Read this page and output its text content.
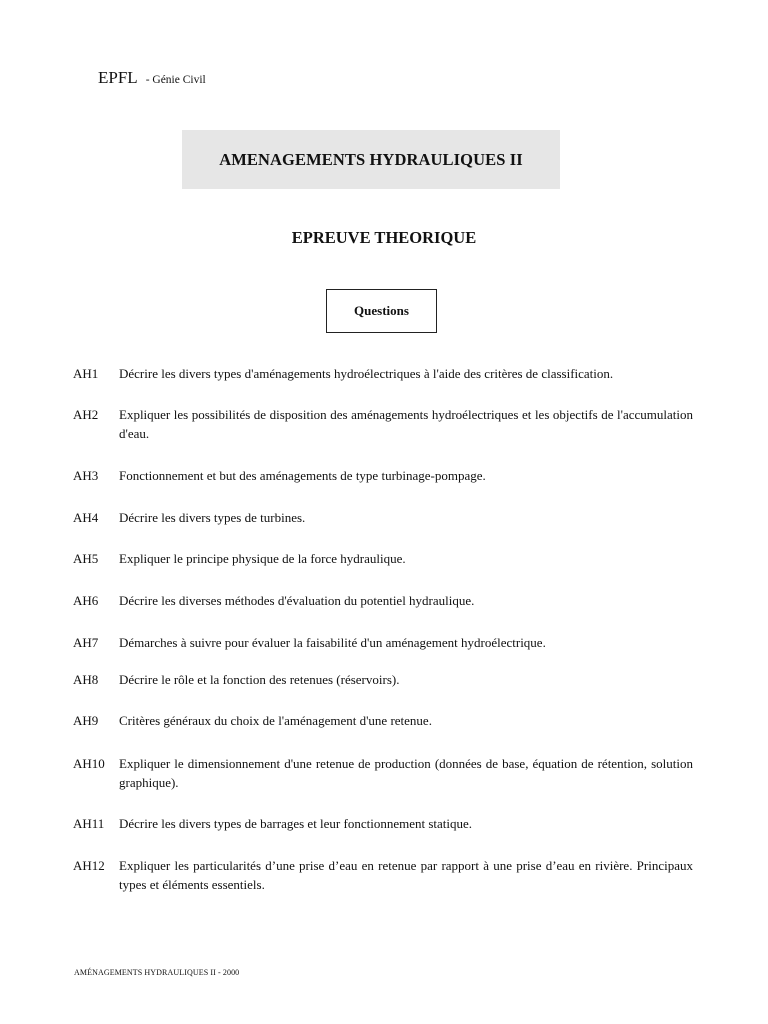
EPFL - Génie Civil
AMENAGEMENTS HYDRAULIQUES II
EPREUVE THEORIQUE
Questions
AH1	Décrire les divers types d'aménagements hydroélectriques à l'aide des critères de classification.
AH2	Expliquer les possibilités de disposition des aménagements hydroélectriques et les objectifs de l'accumulation d'eau.
AH3	Fonctionnement et but des aménagements de type turbinage-pompage.
AH4	Décrire les divers types de turbines.
AH5	Expliquer le principe physique de la force hydraulique.
AH6	Décrire les diverses méthodes d'évaluation du potentiel hydraulique.
AH7	Démarches à suivre pour évaluer la faisabilité d'un aménagement hydroélectrique.
AH8	Décrire le rôle et la fonction des retenues (réservoirs).
AH9	Critères généraux du choix de l'aménagement d'une retenue.
AH10	Expliquer le dimensionnement d'une retenue de production (données de base, équation de rétention, solution graphique).
AH11	Décrire les divers types de barrages et leur fonctionnement statique.
AH12	Expliquer les particularités d’une prise d’eau en retenue par rapport à une prise d’eau en rivière. Principaux types et éléments essentiels.
AMÉNAGEMENTS HYDRAULIQUES II - 2000
